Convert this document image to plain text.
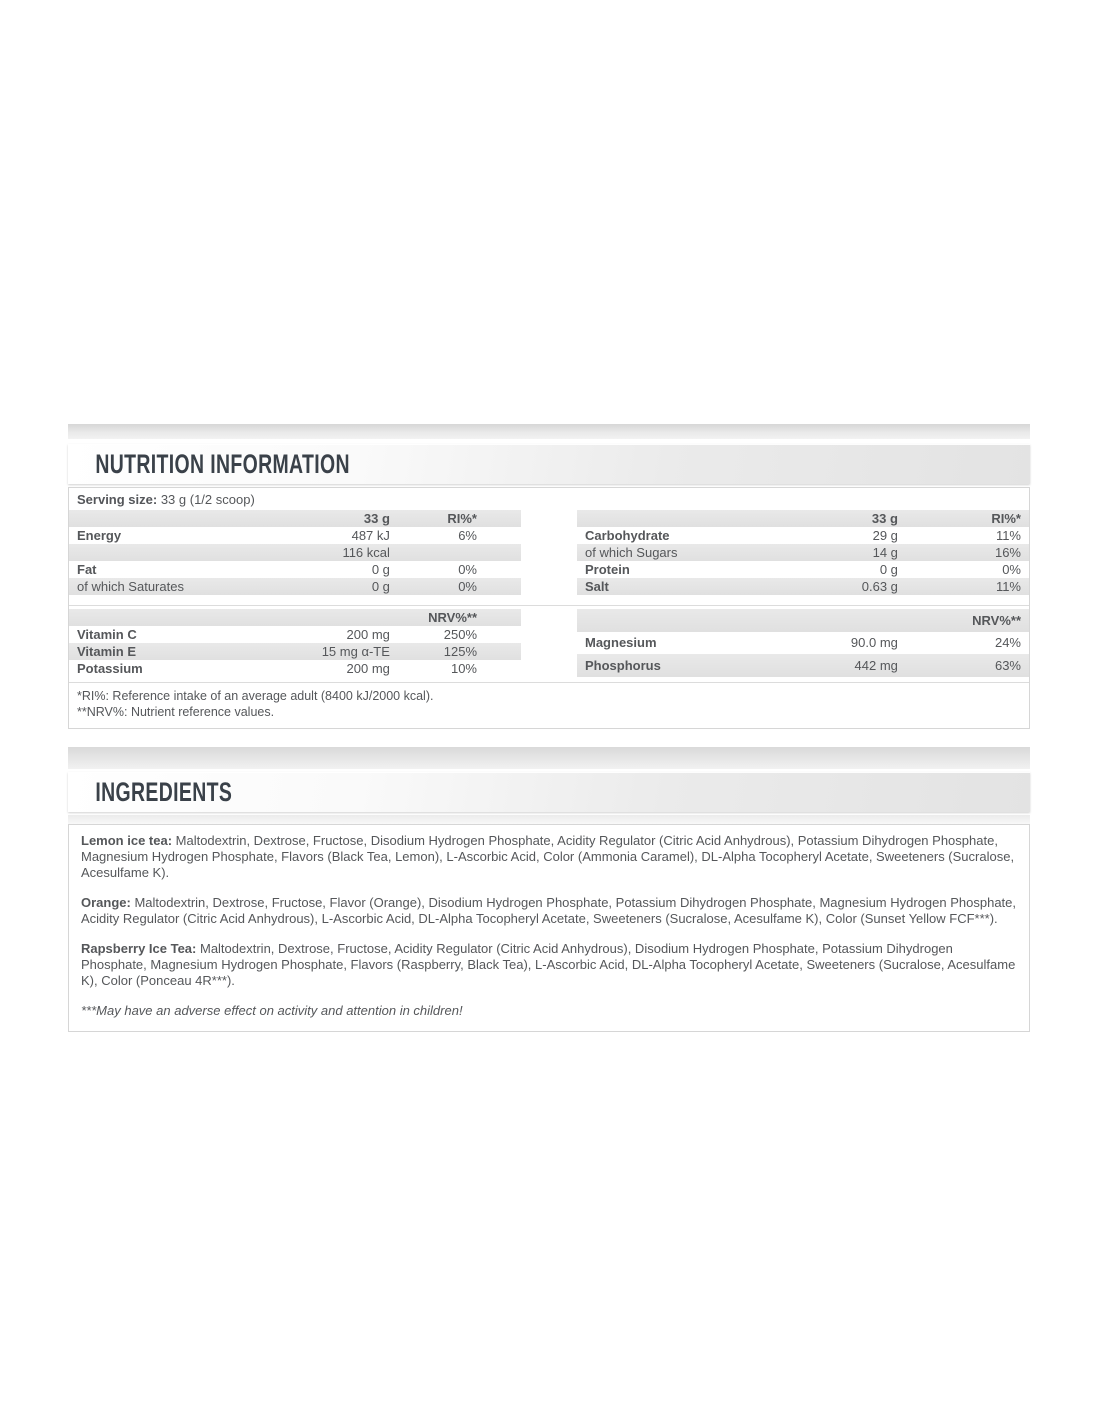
NUTRITION INFORMATION
Serving size: 33 g (1/2 scoop)
	33 g	RI%*
Energy	487 kJ	6%
	116 kcal	
Fat	0 g	0%
of which Saturates	0 g	0%
	33 g	RI%*
Carbohydrate	29 g	11%
of which Sugars	14 g	16%
Protein	0 g	0%
Salt	0.63 g	11%
		NRV%**
Vitamin C	200 mg	250%
Vitamin E	15 mg α-TE	125%
Potassium	200 mg	10%
		NRV%**
Magnesium	90.0 mg	24%
Phosphorus	442 mg	63%
*RI%: Reference intake of an average adult (8400 kJ/2000 kcal).
**NRV%: Nutrient reference values.
INGREDIENTS

Lemon ice tea: Maltodextrin, Dextrose, Fructose, Disodium Hydrogen Phosphate, Acidity Regulator (Citric Acid Anhydrous), Potassium Dihydrogen Phosphate, Magnesium Hydrogen Phosphate, Flavors (Black Tea, Lemon), L-Ascorbic Acid, Color (Ammonia Caramel), DL-Alpha Tocopheryl Acetate, Sweeteners (Sucralose, Acesulfame K).

Orange: Maltodextrin, Dextrose, Fructose, Flavor (Orange), Disodium Hydrogen Phosphate, Potassium Dihydrogen Phosphate, Magnesium Hydrogen Phosphate, Acidity Regulator (Citric Acid Anhydrous), L-Ascorbic Acid, DL-Alpha Tocopheryl Acetate, Sweeteners (Sucralose, Acesulfame K), Color (Sunset Yellow FCF***).

Rapsberry Ice Tea: Maltodextrin, Dextrose, Fructose, Acidity Regulator (Citric Acid Anhydrous), Disodium Hydrogen Phosphate, Potassium Dihydrogen Phosphate, Magnesium Hydrogen Phosphate, Flavors (Raspberry, Black Tea), L-Ascorbic Acid, DL-Alpha Tocopheryl Acetate, Sweeteners (Sucralose, Acesulfame K), Color (Ponceau 4R***).

***May have an adverse effect on activity and attention in children!
